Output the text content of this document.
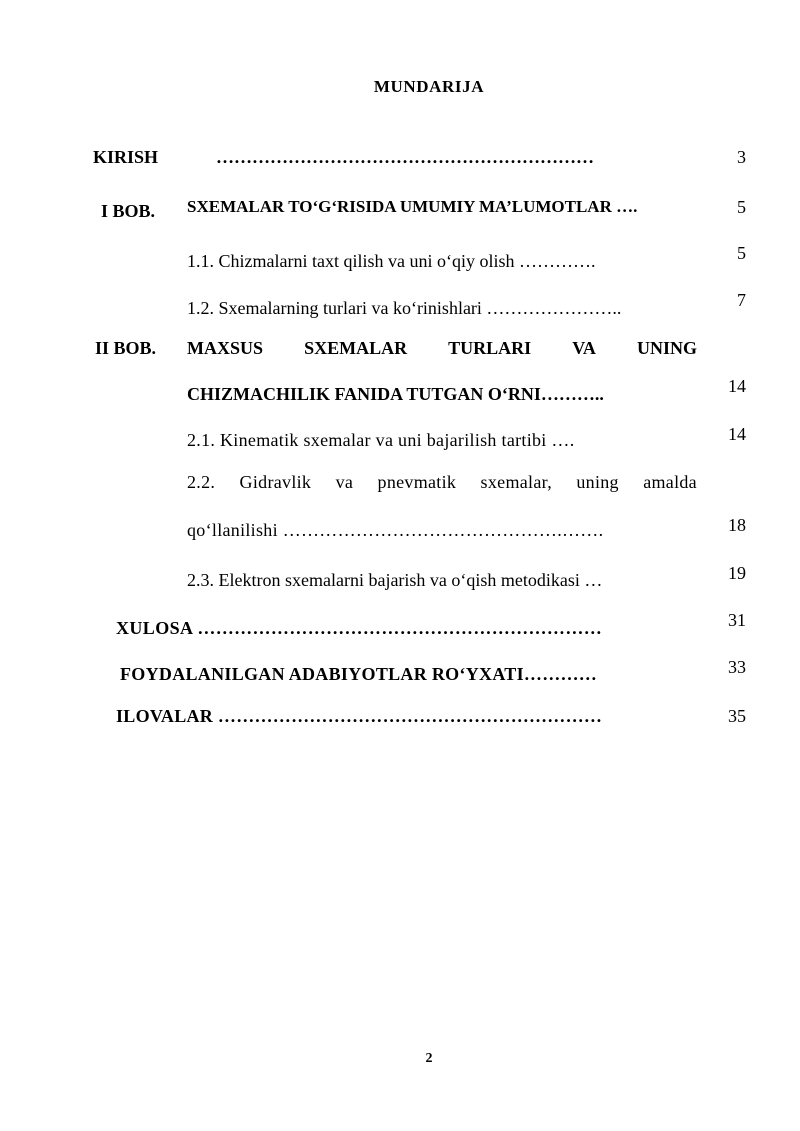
MUNDARIJA
KIRISH	………………………………………………………	3
I BOB. SXEMALAR TO‘G‘RISIDA UMUMIY MA’LUMOTLAR ….	5
1.1. Chizmalarni taxt qilish va uni o‘qiy olish ………….	5
1.2. Sxemalarning turlari va ko‘rinishlari …………………..	7
II BOB. MAXSUS SXEMALAR TURLARI VA UNING
CHIZMACHILIK FANIDA TUTGAN O‘RNI………..	14
2.1. Kinematik sxemalar va uni bajarilish tartibi ….	14
2.2. Gidravlik va pnevmatik sxemalar, uning amalda
qo‘llanilishi ……………………………………….…….	18
2.3. Elektron sxemalarni bajarish va o‘qish metodikasi …	19
XULOSA …………………………………………………………	31
FOYDALANILGAN ADABIYOTLAR RO‘YXATI…………	33
ILOVALAR ………………………………………………………	35
2
